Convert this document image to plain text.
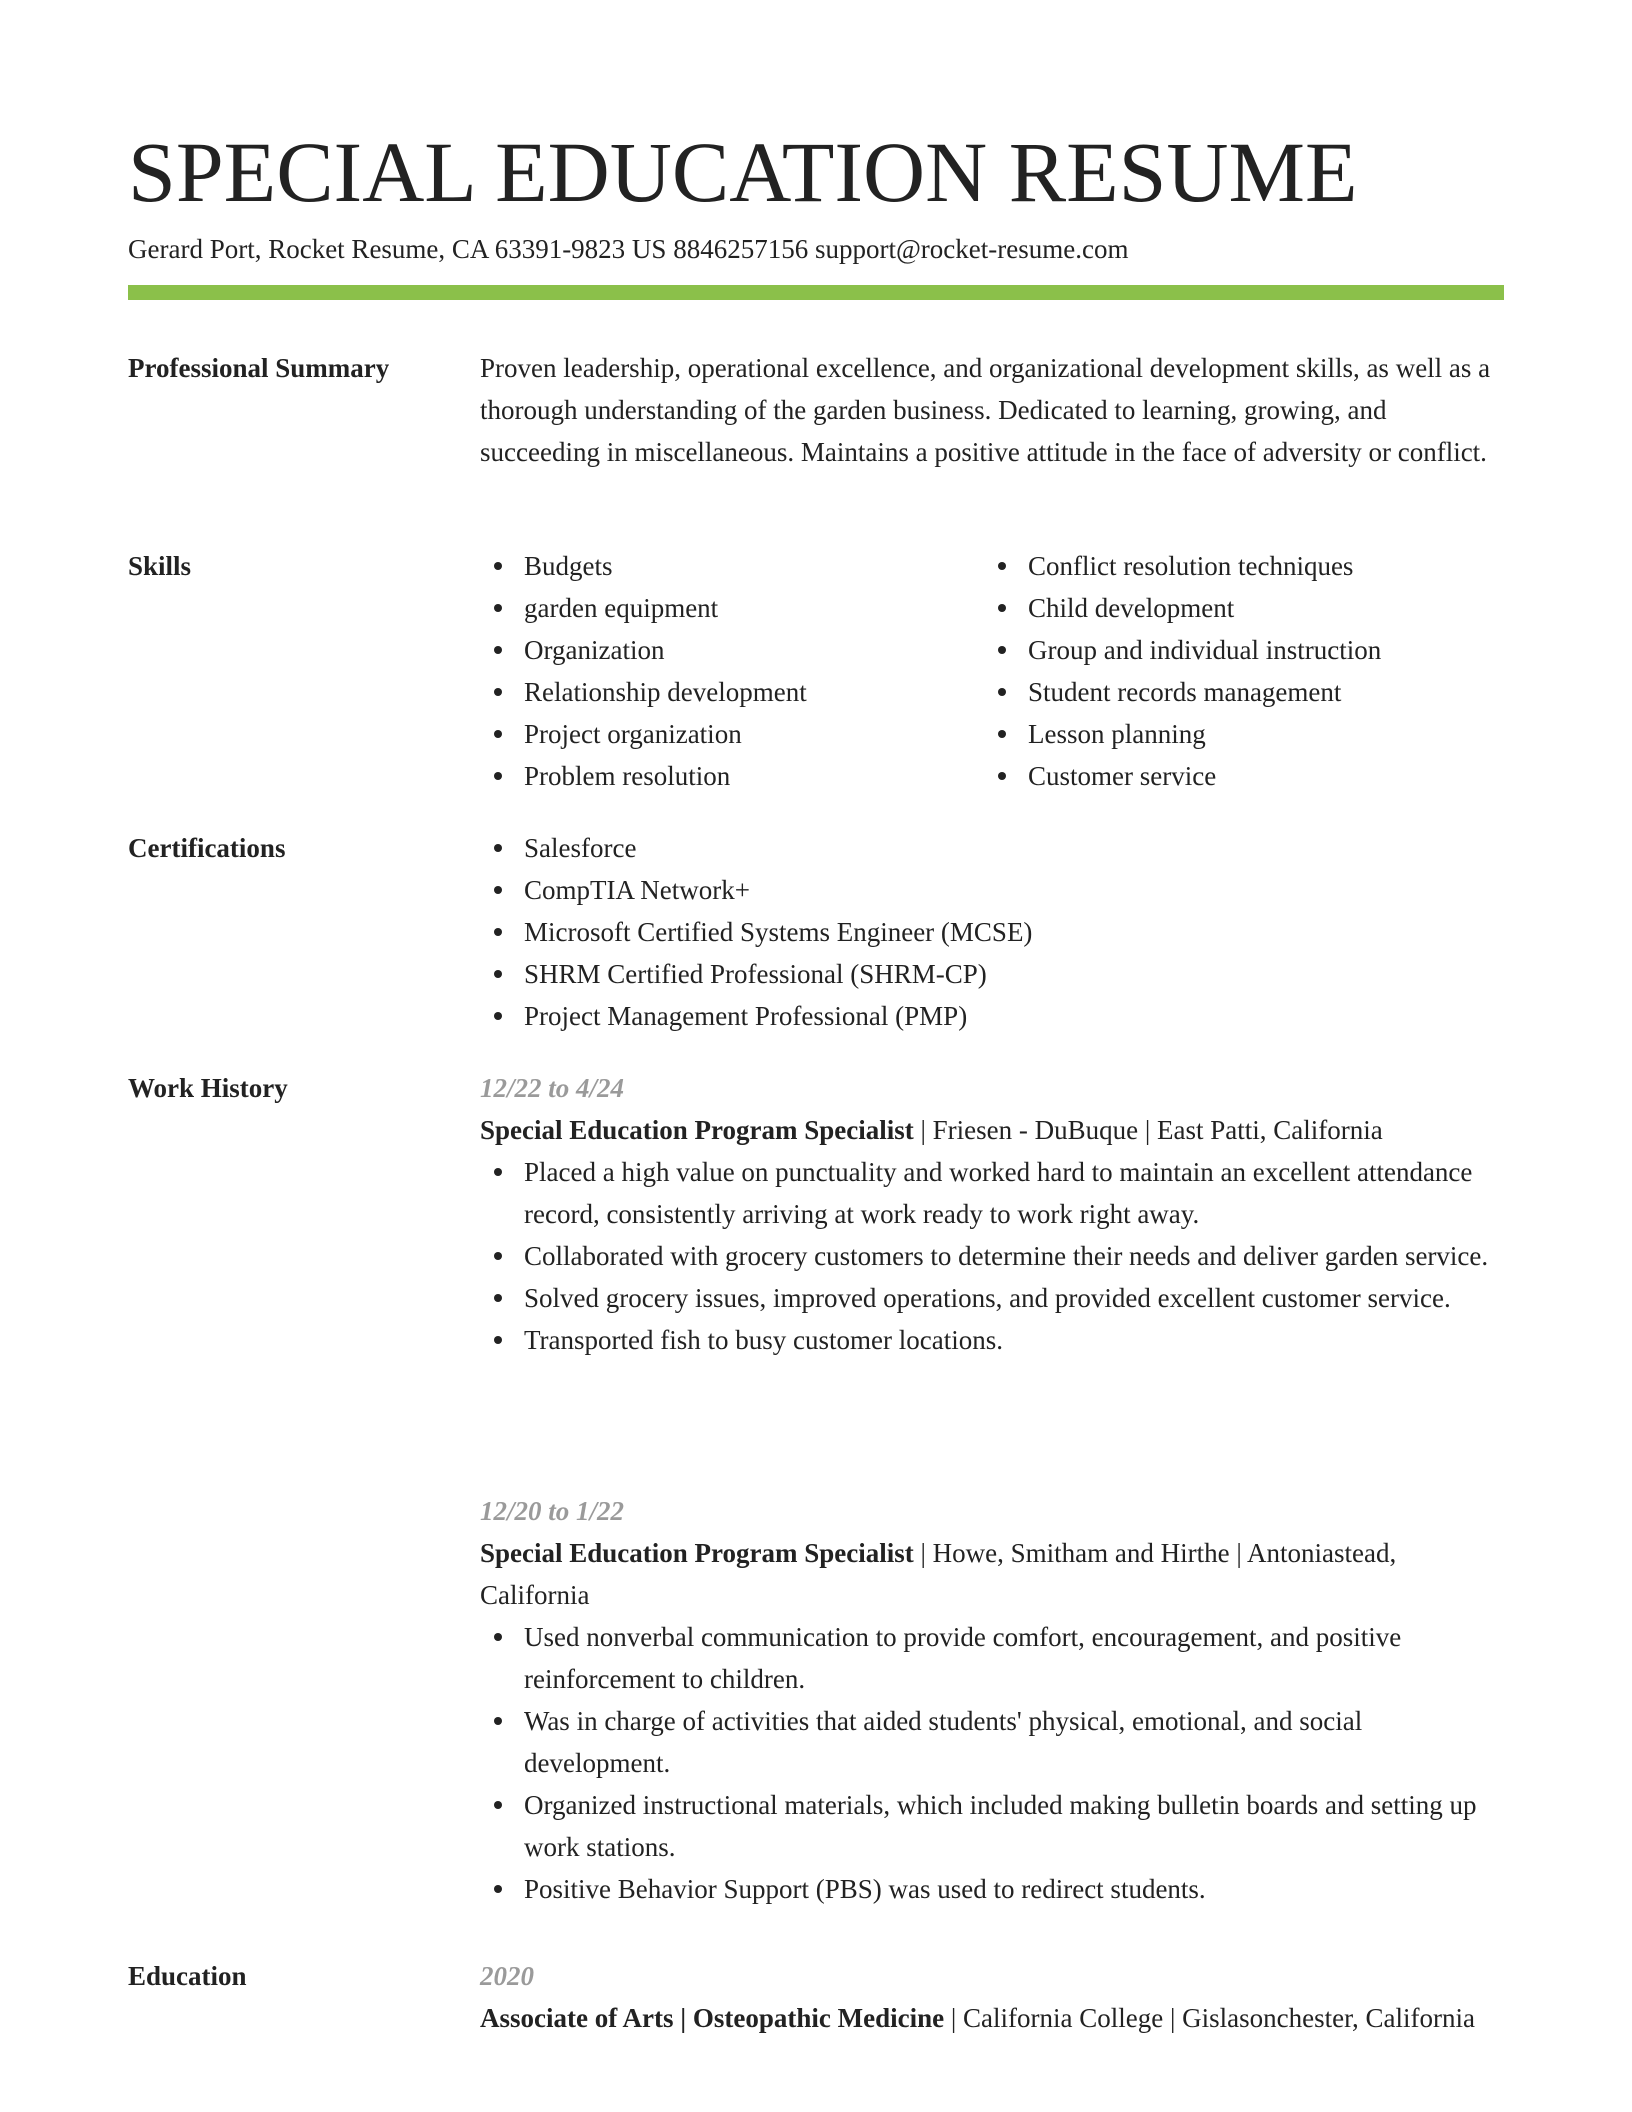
SPECIAL EDUCATION RESUME

Gerard Port, Rocket Resume, CA 63391-9823 US 8846257156 support@rocket-resume.com

Professional Summary	Proven leadership, operational excellence, and organizational development skills, as well as a thorough understanding of the garden business. Dedicated to learning, growing, and succeeding in miscellaneous. Maintains a positive attitude in the face of adversity or conflict.

Skills	Budgets
garden equipment
Organization
Relationship development
Project organization
Problem resolution
Conflict resolution techniques
Child development
Group and individual instruction
Student records management
Lesson planning
Customer service
Certifications	Salesforce
CompTIA Network+
Microsoft Certified Systems Engineer (MCSE)
SHRM Certified Professional (SHRM-CP)
Project Management Professional (PMP)
Work History	12/22 to 4/24
Special Education Program Specialist | Friesen - DuBuque | East Patti, California
Placed a high value on punctuality and worked hard to maintain an excellent attendance record, consistently arriving at work ready to work right away.
Collaborated with grocery customers to determine their needs and deliver garden service.
Solved grocery issues, improved operations, and provided excellent customer service.
Transported fish to busy customer locations.
12/20 to 1/22
Special Education Program Specialist | Howe, Smitham and Hirthe | Antoniastead, California
Used nonverbal communication to provide comfort, encouragement, and positive reinforcement to children.
Was in charge of activities that aided students' physical, emotional, and social development.
Organized instructional materials, which included making bulletin boards and setting up work stations.
Positive Behavior Support (PBS) was used to redirect students.
Education	2020
Associate of Arts | Osteopathic Medicine | California College | Gislasonchester, California
